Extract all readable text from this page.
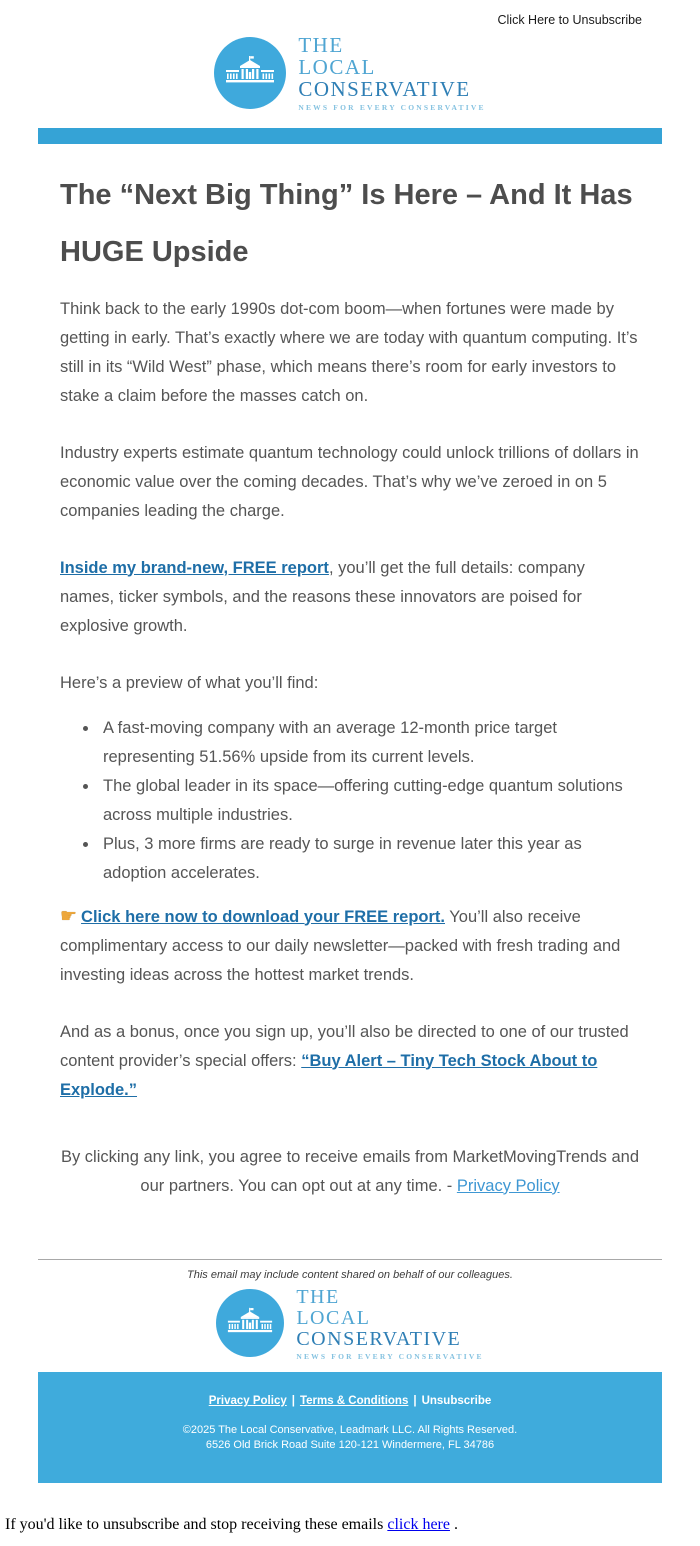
Click Here to Unsubscribe
THE
LOCAL
CONSERVATIVE
NEWS FOR EVERY CONSERVATIVE
The “Next Big Thing” Is Here – And It Has HUGE Upside

Think back to the early 1990s dot-com boom—when fortunes were made by getting in early. That’s exactly where we are today with quantum computing. It’s still in its “Wild West” phase, which means there’s room for early investors to stake a claim before the masses catch on.

Industry experts estimate quantum technology could unlock trillions of dollars in economic value over the coming decades. That’s why we’ve zeroed in on 5 companies leading the charge.

Inside my brand-new, FREE report, you’ll get the full details: company names, ticker symbols, and the reasons these innovators are poised for explosive growth.

Here’s a preview of what you’ll find:

• A fast-moving company with an average 12-month price target representing 51.56% upside from its current levels.
• The global leader in its space—offering cutting-edge quantum solutions across multiple industries.
• Plus, 3 more firms are ready to surge in revenue later this year as adoption accelerates.

☛ Click here now to download your FREE report. You’ll also receive complimentary access to our daily newsletter—packed with fresh trading and investing ideas across the hottest market trends.

And as a bonus, once you sign up, you’ll also be directed to one of our trusted content provider’s special offers: “Buy Alert – Tiny Tech Stock About to Explode.”

By clicking any link, you agree to receive emails from MarketMovingTrends and our partners. You can opt out at any time. - Privacy Policy

This email may include content shared on behalf of our colleagues.

THE
LOCAL
CONSERVATIVE
NEWS FOR EVERY CONSERVATIVE
Privacy Policy | Terms & Conditions | Unsubscribe

©2025 The Local Conservative, Leadmark LLC. All Rights Reserved.

6526 Old Brick Road Suite 120-121 Windermere, FL 34786

If you'd like to unsubscribe and stop receiving these emails click here .
